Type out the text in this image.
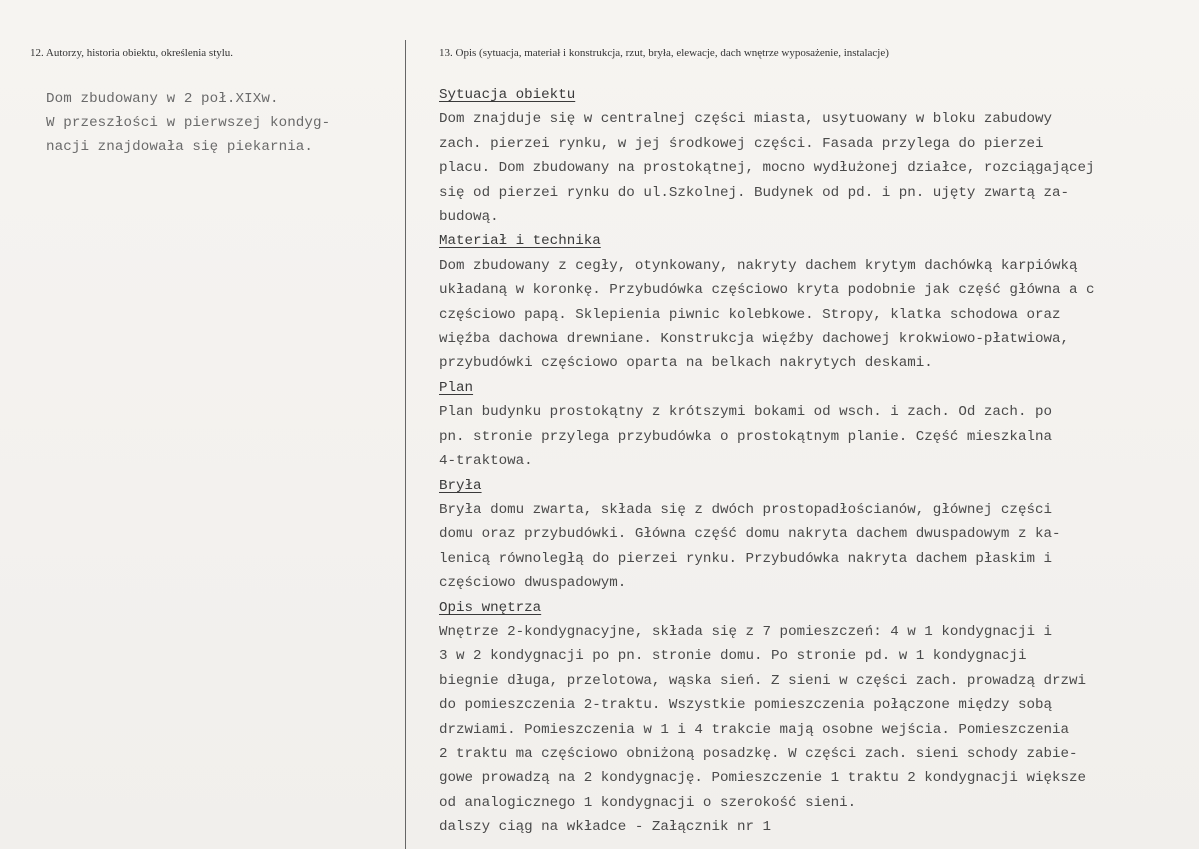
12. Autorzy, historia obiektu, określenia stylu.	13. Opis (sytuacja, materiał i konstrukcja, rzut, bryła, elewacje, dach wnętrze wyposażenie, instalacje)
Dom zbudowany w 2 poł.XIXw.
W przeszłości w pierwszej kondyg-
nacji znajdowała się piekarnia.
Sytuacja obiektu
Dom znajduje się w centralnej części miasta, usytuowany w bloku zabudowy
zach. pierzei rynku, w jej środkowej części. Fasada przylega do pierzei
placu. Dom zbudowany na prostokątnej, mocno wydłużonej działce, rozciągającej
się od pierzei rynku do ul.Szkolnej. Budynek od pd. i pn. ujęty zwartą za-
budową.
Materiał i technika
Dom zbudowany z cegły, otynkowany, nakryty dachem krytym dachówką karpiówką
układaną w koronkę. Przybudówka częściowo kryta podobnie jak część główna a c
częściowo papą. Sklepienia piwnic kolebkowe. Stropy, klatka schodowa oraz
więźba dachowa drewniane. Konstrukcja więźby dachowej krokwiowo-płatwiowa,
przybudówki częściowo oparta na belkach nakrytych deskami.
Plan
Plan budynku prostokątny z krótszymi bokami od wsch. i zach. Od zach. po
pn. stronie przylega przybudówka o prostokątnym planie. Część mieszkalna
4-traktowa.
Bryła
Bryła domu zwarta, składa się z dwóch prostopadłościanów, głównej części
domu oraz przybudówki. Główna część domu nakryta dachem dwuspadowym z ka-
lenicą równoległą do pierzei rynku. Przybudówka nakryta dachem płaskim i
częściowo dwuspadowym.
Opis wnętrza
Wnętrze 2-kondygnacyjne, składa się z 7 pomieszczeń: 4 w 1 kondygnacji i
3 w 2 kondygnacji po pn. stronie domu. Po stronie pd. w 1 kondygnacji
biegnie długa, przelotowa, wąska sień. Z sieni w części zach. prowadzą drzwi
do pomieszczenia 2-traktu. Wszystkie pomieszczenia połączone między sobą
drzwiami. Pomieszczenia w 1 i 4 trakcie mają osobne wejścia. Pomieszczenia
2 traktu ma częściowo obniżoną posadzkę. W części zach. sieni schody zabie-
gowe prowadzą na 2 kondygnację. Pomieszczenie 1 traktu 2 kondygnacji większe
od analogicznego 1 kondygnacji o szerokość sieni.
dalszy ciąg na wkładce - Załącznik nr 1
